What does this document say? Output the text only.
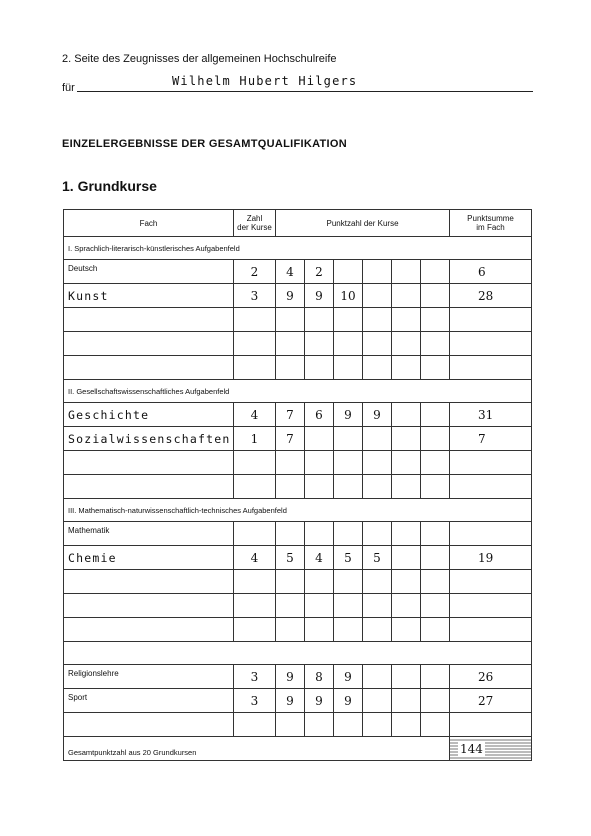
2. Seite des Zeugnisses der allgemeinen Hochschulreife
für	Wilhelm Hubert Hilgers
EINZELERGEBNISSE DER GESAMTQUALIFIKATION
1. Grundkurse
Fach	Zahl
der Kurse	Punktzahl der Kurse						Punktsumme
im Fach
I. Sprachlich-literarisch-künstlerisches Aufgabenfeld								
Deutsch	2	4	2					6
Kunst	3	9	9	10				28

II. Gesellschaftswissenschaftliches Aufgabenfeld								
Geschichte	4	7	6	9	9			31
Sozialwissenschaften	1	7						7

III. Mathematisch-naturwissenschaftlich-technisches Aufgabenfeld								
Mathematik								
Chemie	4	5	4	5	5			19

Religionslehre	3	9	8	9				26
Sport	3	9	9	9				27

Gesamtpunktzahl aus 20 Grundkursen								144
